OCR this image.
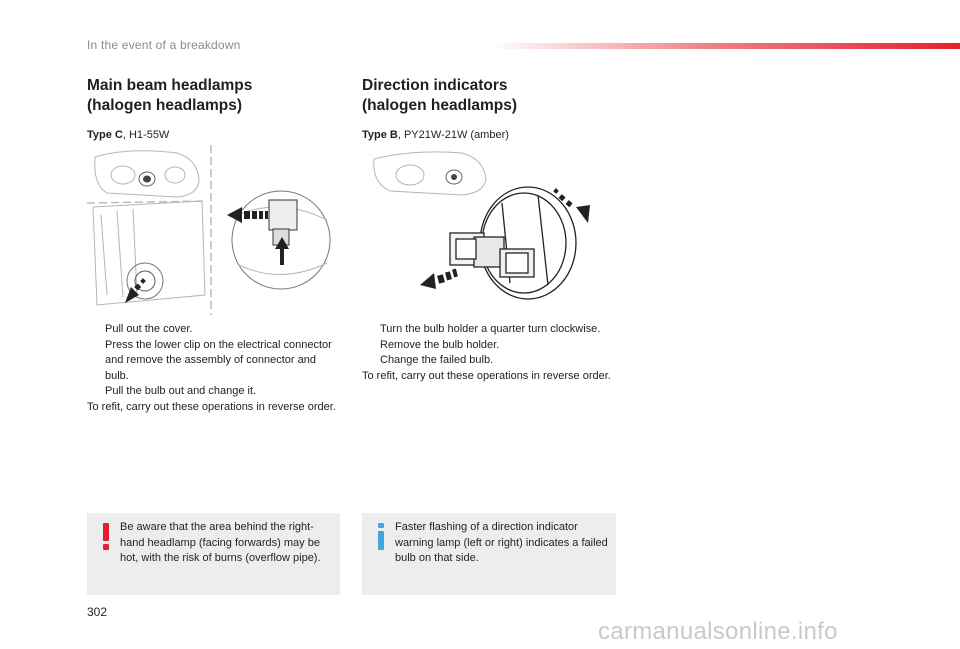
In the event of a breakdown
Main beam headlamps
(halogen headlamps)
Type C, H1-55W
Pull out the cover.
Press the lower clip on the electrical connector and remove the assembly of connector and bulb.
Pull the bulb out and change it.
To refit, carry out these operations in reverse order.
Direction indicators
(halogen headlamps)
Type B, PY21W-21W (amber)
Turn the bulb holder a quarter turn clockwise.
Remove the bulb holder.
Change the failed bulb.
To refit, carry out these operations in reverse order.
Be aware that the area behind the right-hand headlamp (facing forwards) may be hot, with the risk of burns (overflow pipe).
Faster flashing of a direction indicator warning lamp (left or right) indicates a failed bulb on that side.
302
carmanualsonline.info
